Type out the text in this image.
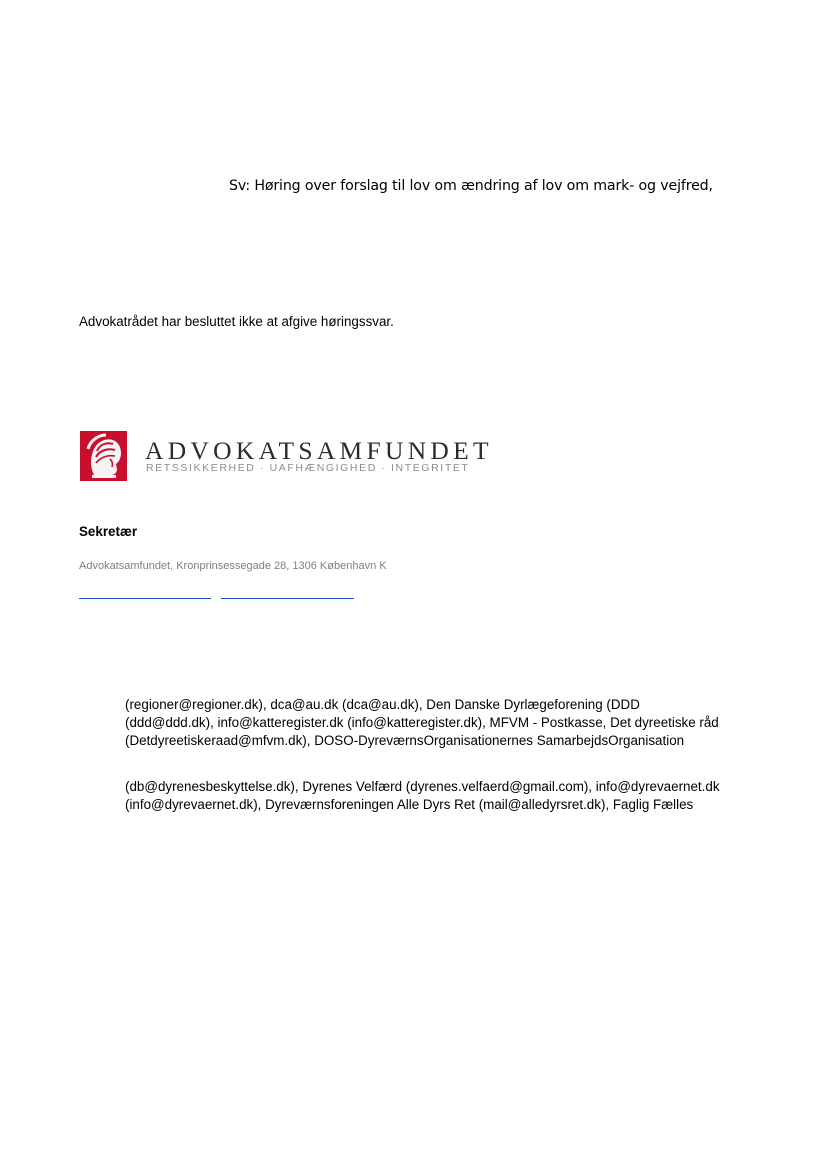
Sv: Høring over forslag til lov om ændring af lov om mark- og vejfred,
Advokatrådet har besluttet ikke at afgive høringssvar.
ADVOKATSAMFUNDET
RETSSIKKERHED · UAFHÆNGIGHED · INTEGRITET
Sekretær
Advokatsamfundet, Kronprinsessegade 28, 1306 København K
(regioner@regioner.dk), dca@au.dk (dca@au.dk), Den Danske Dyrlægeforening (DDD
(ddd@ddd.dk), info@katteregister.dk (info@katteregister.dk), MFVM - Postkasse, Det dyreetiske råd
(Detdyreetiskeraad@mfvm.dk), DOSO-DyreværnsOrganisationernes SamarbejdsOrganisation
(db@dyrenesbeskyttelse.dk), Dyrenes Velfærd (dyrenes.velfaerd@gmail.com), info@dyrevaernet.dk
(info@dyrevaernet.dk), Dyreværnsforeningen Alle Dyrs Ret (mail@alledyrsret.dk), Faglig Fælles
